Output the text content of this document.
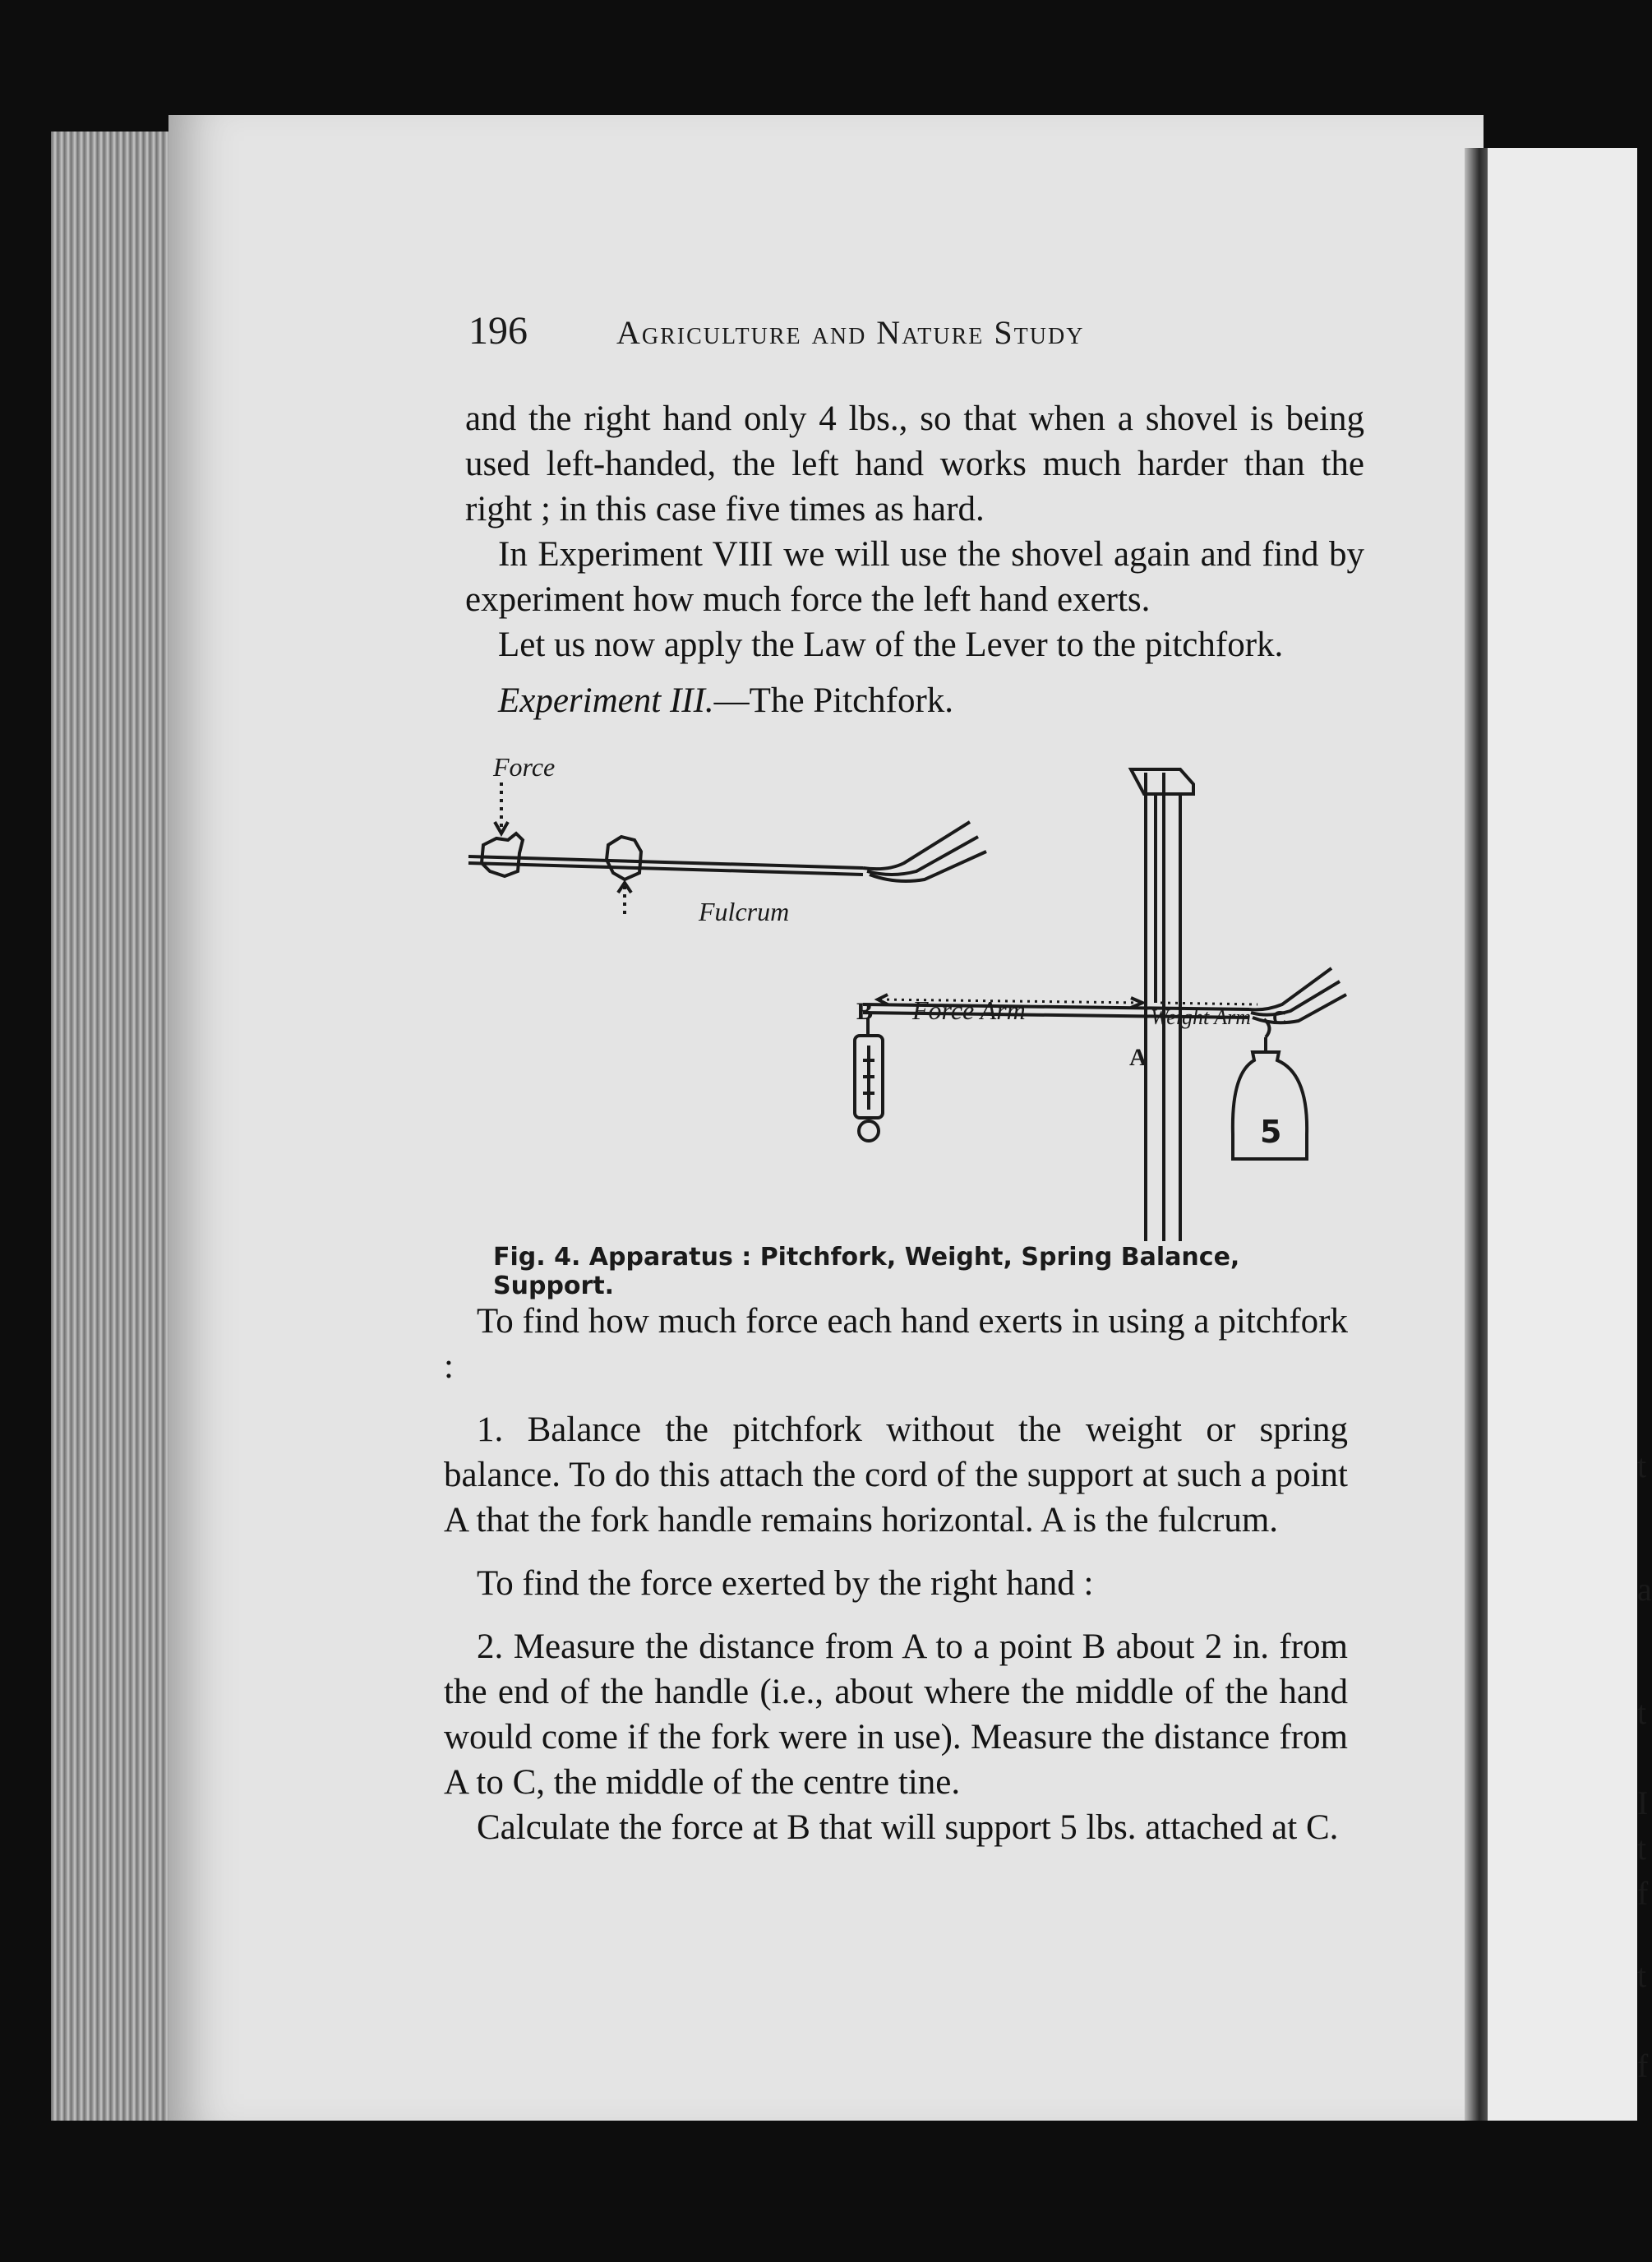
t
a
t
I
t
f
t
f
196	Agriculture and Nature Study

and the right hand only 4 lbs., so that when a shovel is being used left-handed, the left hand works much harder than the right ; in this case five times as hard.

In Experiment VIII we will use the shovel again and find by experiment how much force the left hand exerts.

Let us now apply the Law of the Lever to the pitchfork.

Experiment III.—The Pitchfork.
Force
Fulcrum
B Force Arm
A
Weight Arm C
5
Fig. 4. Apparatus : Pitchfork, Weight, Spring Balance, Support.

To find how much force each hand exerts in using a pitchfork :

1. Balance the pitchfork without the weight or spring balance. To do this attach the cord of the support at such a point A that the fork handle remains horizontal. A is the fulcrum.

To find the force exerted by the right hand :

2. Measure the distance from A to a point B about 2 in. from the end of the handle (i.e., about where the middle of the hand would come if the fork were in use). Measure the distance from A to C, the middle of the centre tine.

Calculate the force at B that will support 5 lbs. attached at C.
